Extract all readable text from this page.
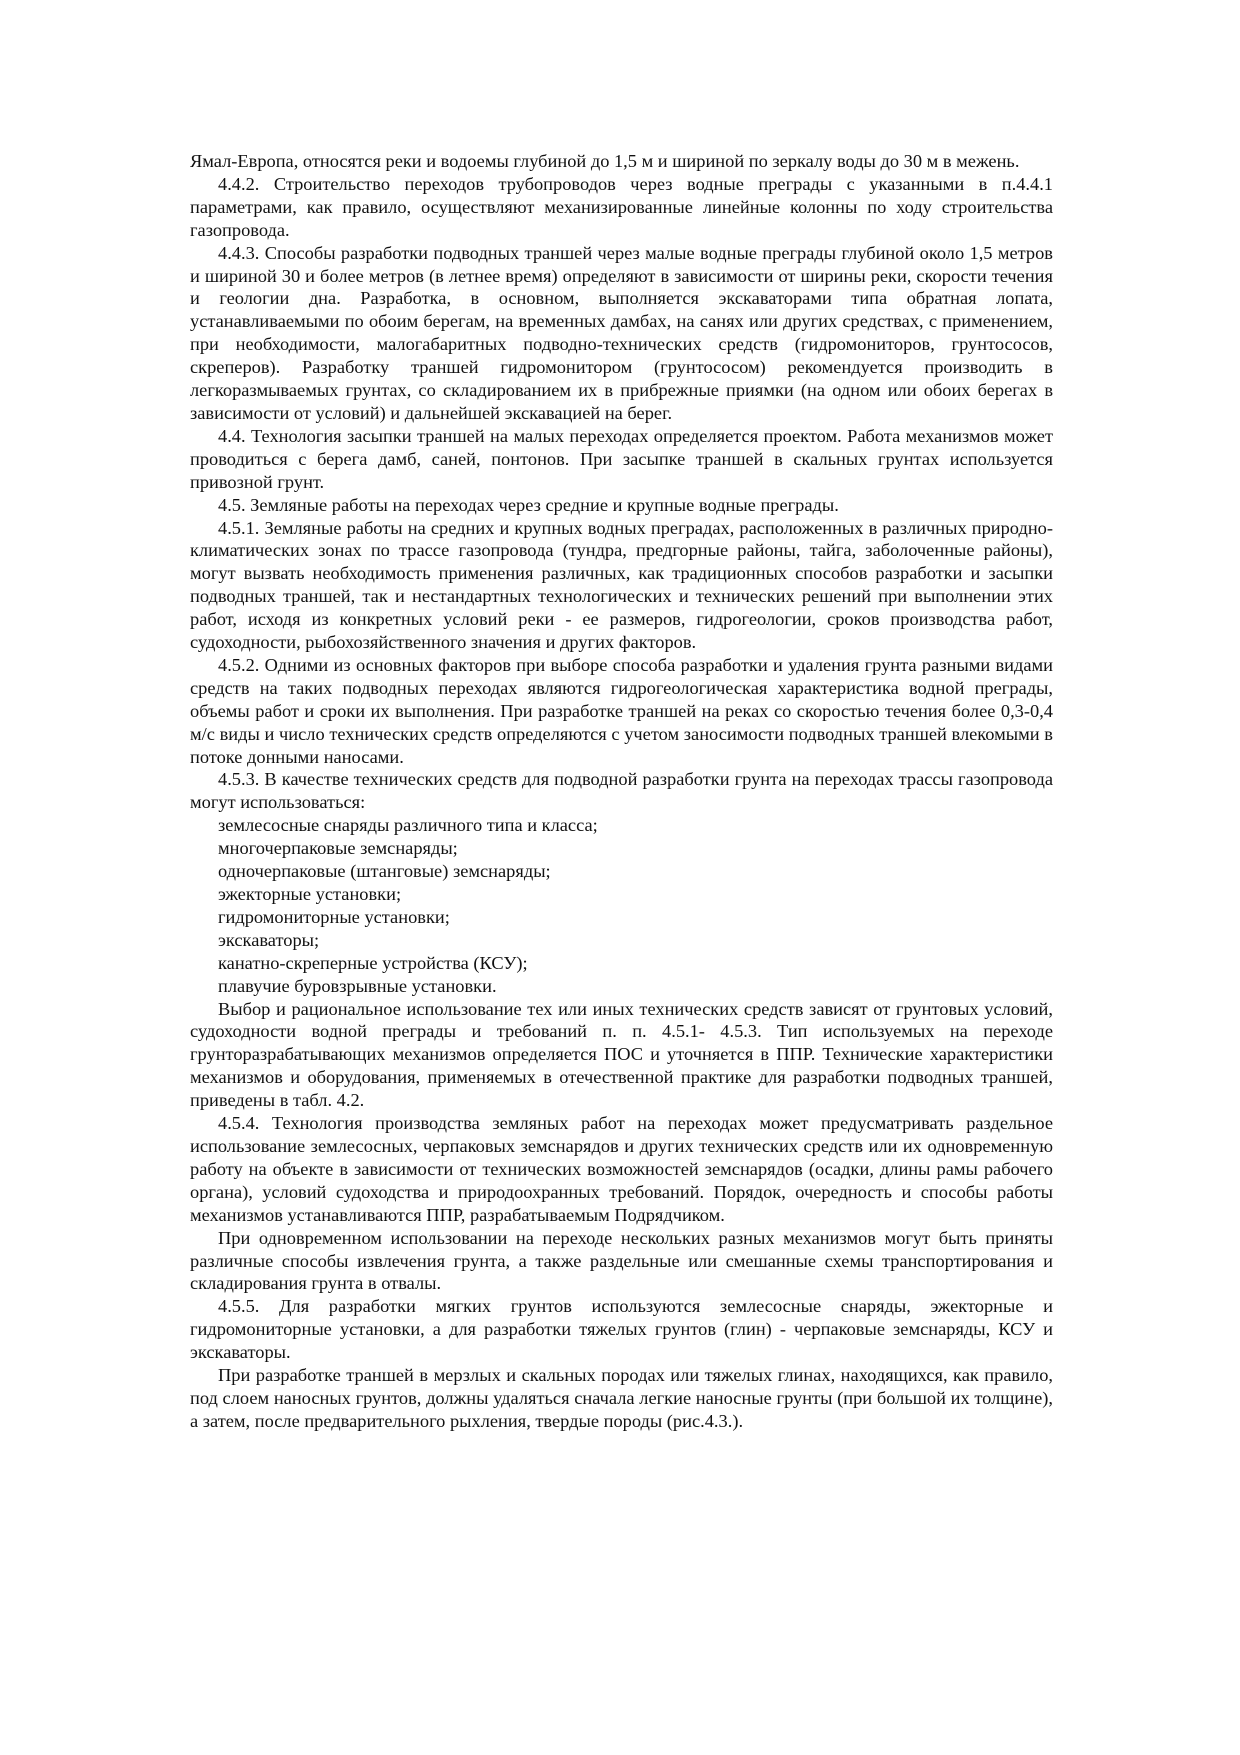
Ямал-Европа, относятся реки и водоемы глубиной до 1,5 м и шириной по зеркалу воды до 30 м в межень.

4.4.2. Строительство переходов трубопроводов через водные преграды с указанными в п.4.4.1 параметрами, как правило, осуществляют механизированные линейные колонны по ходу строительства газопровода.

4.4.3. Способы разработки подводных траншей через малые водные преграды глубиной около 1,5 метров и шириной 30 и более метров (в летнее время) определяют в зависимости от ширины реки, скорости течения и геологии дна. Разработка, в основном, выполняется экскаваторами типа обратная лопата, устанавливаемыми по обоим берегам, на временных дамбах, на санях или других средствах, с применением, при необходимости, малогабаритных подводно-технических средств (гидромониторов, грунтососов, скреперов). Разработку траншей гидромонитором (грунтососом) рекомендуется производить в легкоразмываемых грунтах, со складированием их в прибрежные приямки (на одном или обоих берегах в зависимости от условий) и дальнейшей экскавацией на берег.

4.4. Технология засыпки траншей на малых переходах определяется проектом. Работа механизмов может проводиться с берега дамб, саней, понтонов. При засыпке траншей в скальных грунтах используется привозной грунт.

4.5. Земляные работы на переходах через средние и крупные водные преграды.

4.5.1. Земляные работы на средних и крупных водных преградах, расположенных в различных природно-климатических зонах по трассе газопровода (тундра, предгорные районы, тайга, заболоченные районы), могут вызвать необходимость применения различных, как традиционных способов разработки и засыпки подводных траншей, так и нестандартных технологических и технических решений при выполнении этих работ, исходя из конкретных условий реки - ее размеров, гидрогеологии, сроков производства работ, судоходности, рыбохозяйственного значения и других факторов.

4.5.2. Одними из основных факторов при выборе способа разработки и удаления грунта разными видами средств на таких подводных переходах являются гидрогеологическая характеристика водной преграды, объемы работ и сроки их выполнения. При разработке траншей на реках со скоростью течения более 0,3-0,4 м/с виды и число технических средств определяются с учетом заносимости подводных траншей влекомыми в потоке донными наносами.

4.5.3. В качестве технических средств для подводной разработки грунта на переходах трассы газопровода могут использоваться:

землесосные снаряды различного типа и класса;
многочерпаковые земснаряды;
одночерпаковые (штанговые) земснаряды;
эжекторные установки;
гидромониторные установки;
экскаваторы;
канатно-скреперные устройства (КСУ);
плавучие буровзрывные установки.

Выбор и рациональное использование тех или иных технических средств зависят от грунтовых условий, судоходности водной преграды и требований п. п. 4.5.1- 4.5.3. Тип используемых на переходе грунторазрабатывающих механизмов определяется ПОС и уточняется в ППР. Технические характеристики механизмов и оборудования, применяемых в отечественной практике для разработки подводных траншей, приведены в табл. 4.2.

4.5.4. Технология производства земляных работ на переходах может предусматривать раздельное использование землесосных, черпаковых земснарядов и других технических средств или их одновременную работу на объекте в зависимости от технических возможностей земснарядов (осадки, длины рамы рабочего органа), условий судоходства и природоохранных требований. Порядок, очередность и способы работы механизмов устанавливаются ППР, разрабатываемым Подрядчиком.

При одновременном использовании на переходе нескольких разных механизмов могут быть приняты различные способы извлечения грунта, а также раздельные или смешанные схемы транспортирования и складирования грунта в отвалы.

4.5.5. Для разработки мягких грунтов используются землесосные снаряды, эжекторные и гидромониторные установки, а для разработки тяжелых грунтов (глин) - черпаковые земснаряды, КСУ и экскаваторы.

При разработке траншей в мерзлых и скальных породах или тяжелых глинах, находящихся, как правило, под слоем наносных грунтов, должны удаляться сначала легкие наносные грунты (при большой их толщине), а затем, после предварительного рыхления, твердые породы (рис.4.3.).
